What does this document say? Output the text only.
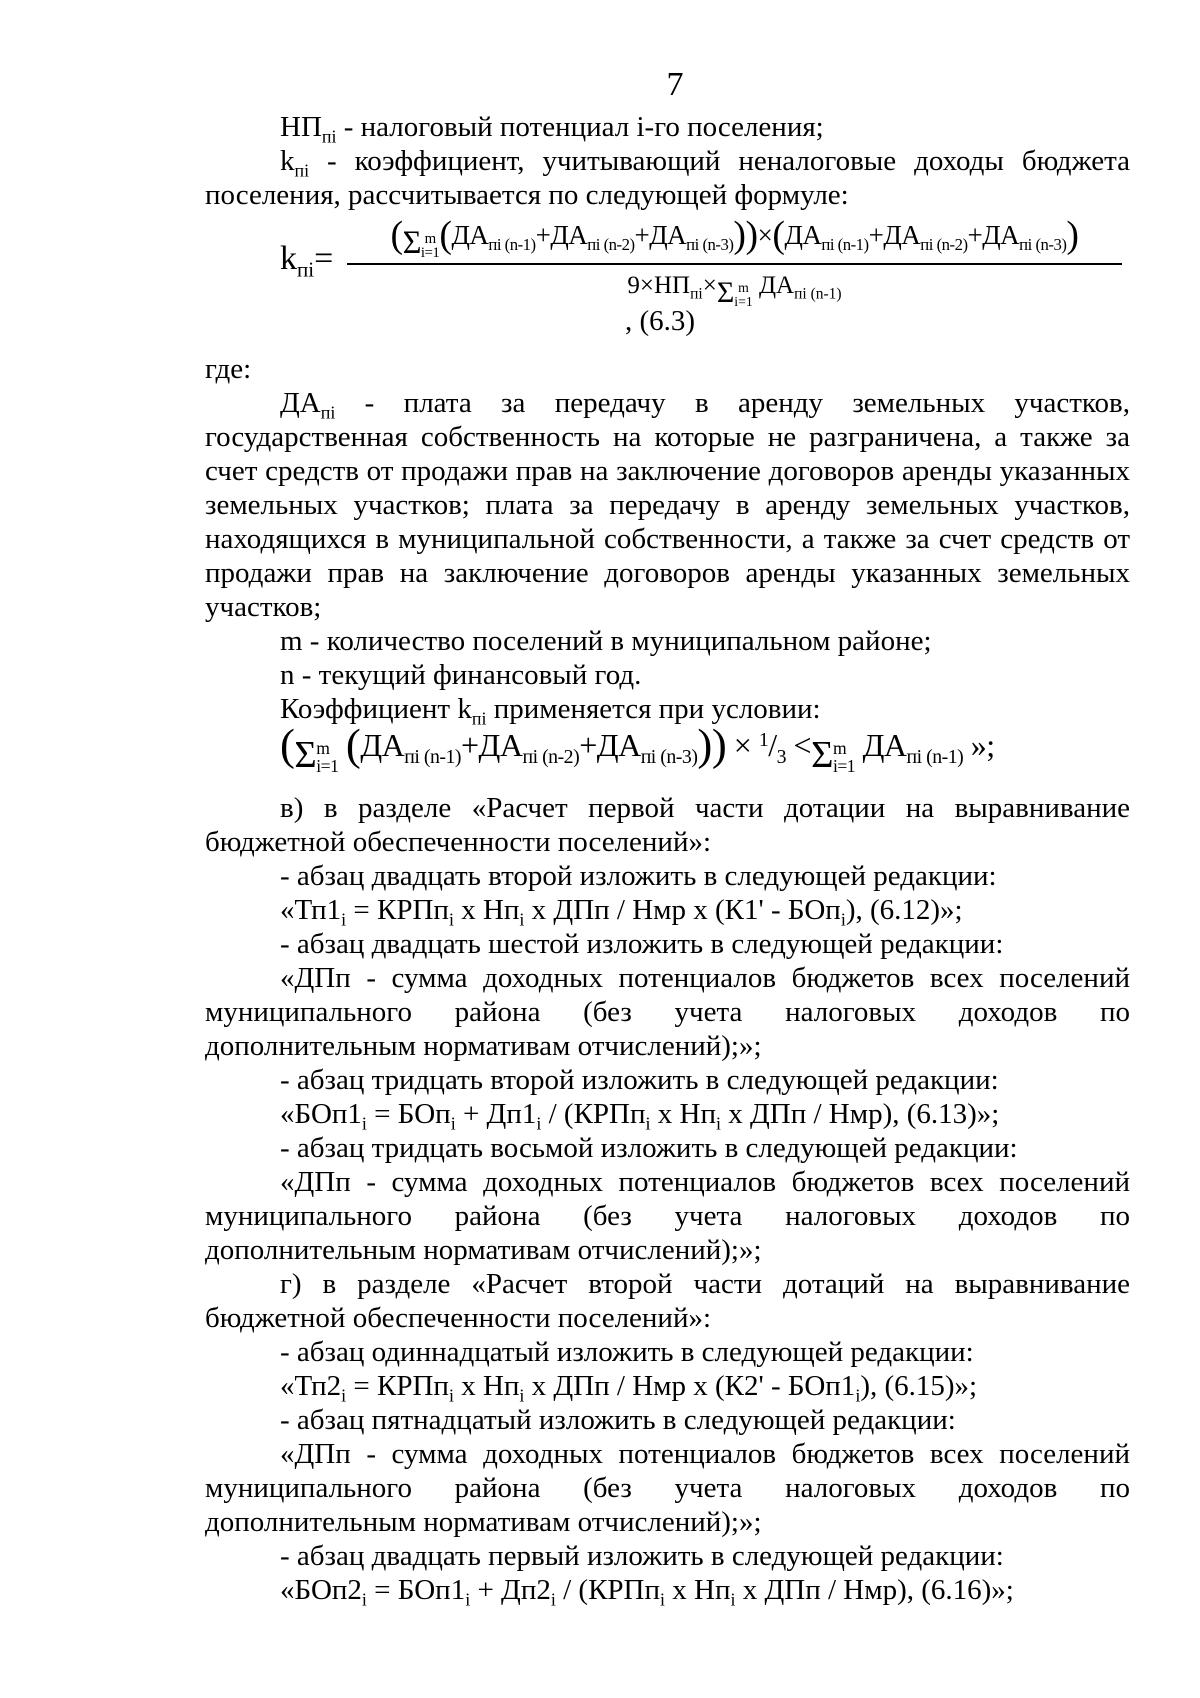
7

$НП_{пi}$ - налоговый потенциал i-го поселения;

$k_{пi}$ - коэффициент, учитывающий неналоговые доходы бюджета поселения, рассчитывается по следующей формуле:

$k_{пi}=$
( Σ m
i=1 $(ДА_{пi (n-1)}+ДА_{пi (n-2)}+ДА_{пi (n-3)}))\times(ДА_{пi (n-1)}+ДА_{пi (n-2)}+ДА_{пi (n-3)})$
$9\times НП_{пi}\times \Sigma$ m
i=1
$ДА_{пi (n-1)}$

, (6.3)

где:

$ДА_{пi}$ - плата за передачу в аренду земельных участков, государственная собственность на которые не разграничена, а также за счет средств от продажи прав на заключение договоров аренды указанных земельных участков; плата за передачу в аренду земельных участков, находящихся в муниципальной собственности, а также за счет средств от продажи прав на заключение договоров аренды указанных земельных участков;

m - количество поселений в муниципальном районе;

n - текущий финансовый год.

Коэффициент $k_{пi}$ применяется при условии:

( Σ m
i=1 $(ДА_{пi (n-1)}+ДА_{пi (n-2)}+ДА_{пi (n-3)})) \times ^1/_3 < \Sigma$ m
i=1
$ДА_{пi (n-1)}$ »;

в) в разделе «Расчет первой части дотации на выравнивание бюджетной обеспеченности поселений»:

- абзац двадцать второй изложить в следующей редакции:

«$Тп1_i$ = КРПп$_i$ х $Нп_i$ х ДПп / Нмр х (К1' - БОп$_i$), (6.12)»;

- абзац двадцать шестой изложить в следующей редакции:

«ДПп - сумма доходных потенциалов бюджетов всех поселений муниципального района (без учета налоговых доходов по дополнительным нормативам отчислений);»;

- абзац тридцать второй изложить в следующей редакции:

«$БОп1_i = БОп_i + Дп1_i$ / (КРПп$_i$ х $Нп_i$ х ДПп / Нмр), (6.13)»;

- абзац тридцать восьмой изложить в следующей редакции:

«ДПп - сумма доходных потенциалов бюджетов всех поселений муниципального района (без учета налоговых доходов по дополнительным нормативам отчислений);»;

г) в разделе «Расчет второй части дотаций на выравнивание бюджетной обеспеченности поселений»:

- абзац одиннадцатый изложить в следующей редакции:

«$Тп2_i$ = КРПп$_i$ х $Нп_i$ х ДПп / Нмр х $(К2' - БОп1_i)$, (6.15)»;

- абзац пятнадцатый изложить в следующей редакции:

«ДПп - сумма доходных потенциалов бюджетов всех поселений муниципального района (без учета налоговых доходов по дополнительным нормативам отчислений);»;

- абзац двадцать первый изложить в следующей редакции:

«$БОп2_i = БОп1_i + Дп2_i$ / (КРПп$_i$ х $Нп_i$ х ДПп / Нмр), (6.16)»;
